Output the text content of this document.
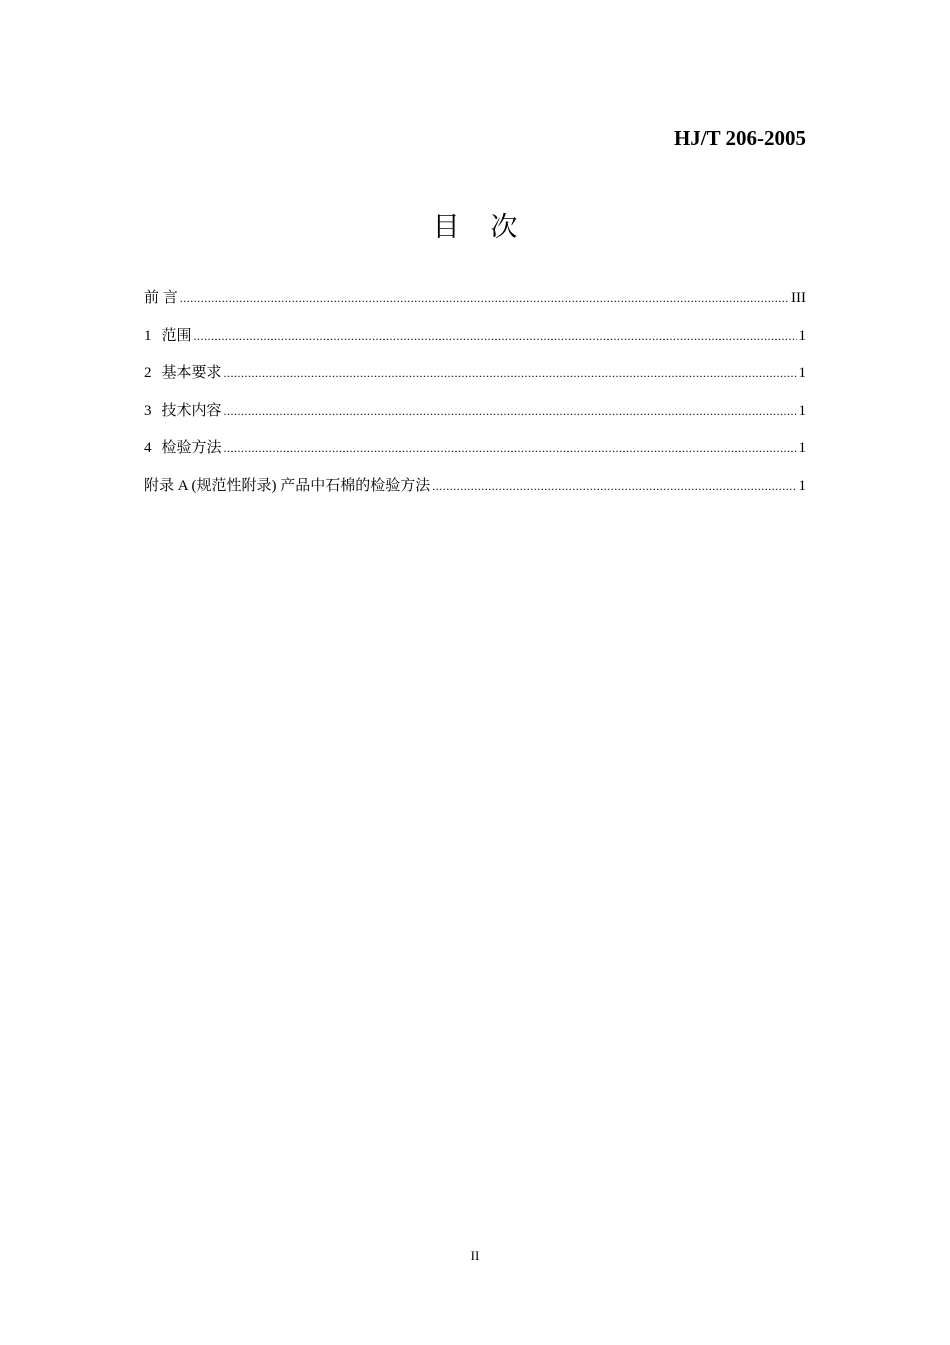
HJ/T 206-2005
目 次
前 言 .....	III
1 范围 .....	1
2 基本要求 .....	1
3 技术内容 .....	1
4 检验方法 .....	1
附录 A (规范性附录) 产品中石棉的检验方法 .....	1
II
